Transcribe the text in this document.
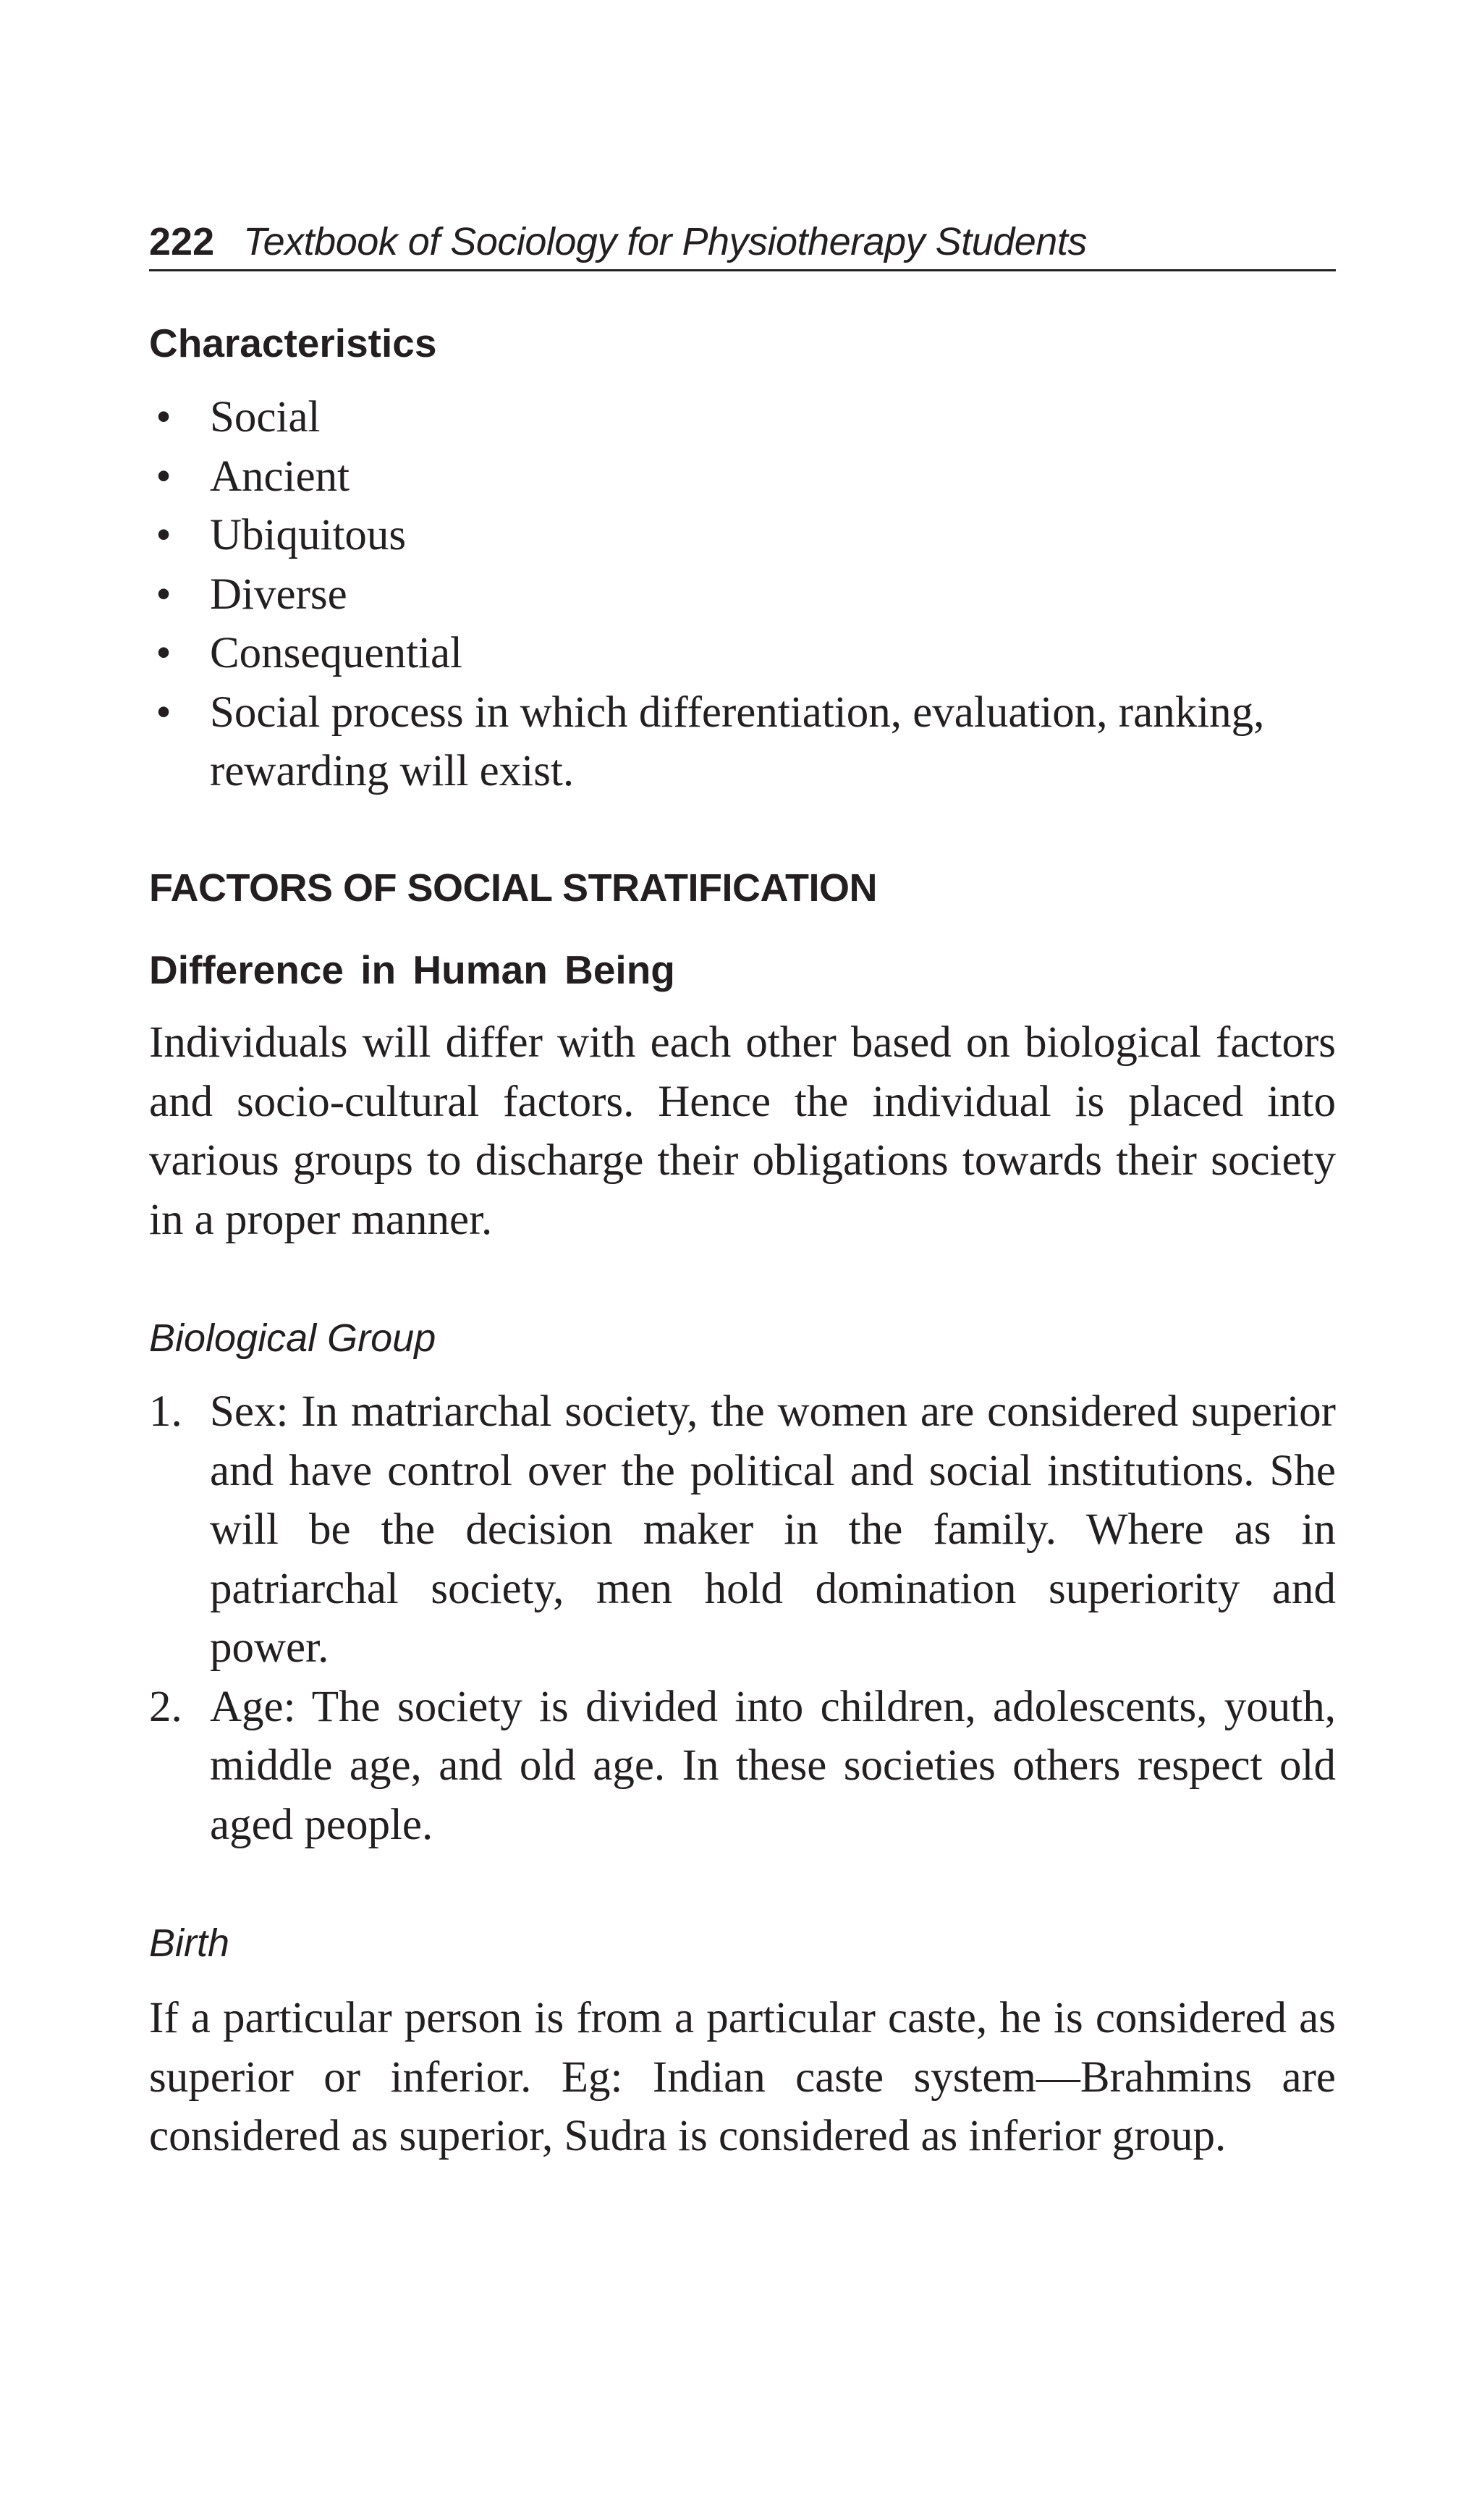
222 Textbook of Sociology for Physiotherapy Students
Characteristics
• Social
• Ancient
• Ubiquitous
• Diverse
• Consequential
• Social process in which differentiation, evaluation, ranking, rewarding will exist.
FACTORS OF SOCIAL STRATIFICATION
Difference in Human Being

Individuals will differ with each other based on biological factors and socio-cultural factors. Hence the individual is placed into various groups to discharge their obligations towards their society in a proper manner.

Biological Group
1. Sex: In matriarchal society, the women are considered superior and have control over the political and social institutions. She will be the decision maker in the family. Where as in patriarchal society, men hold domination superiority and power.
2. Age: The society is divided into children, adolescents, youth, middle age, and old age. In these societies others respect old aged people.
Birth

If a particular person is from a particular caste, he is considered as superior or inferior. Eg: Indian caste system—Brahmins are considered as superior, Sudra is considered as inferior group.
